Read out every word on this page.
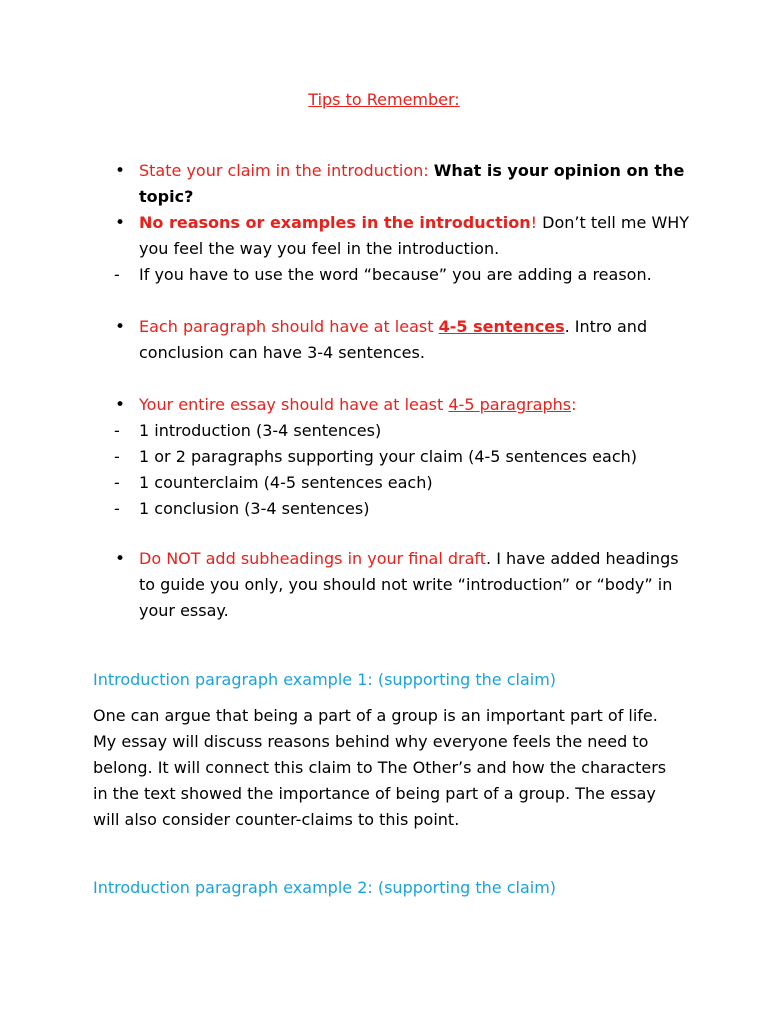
Tips to Remember:
• State your claim in the introduction: What is your opinion on the topic?
• No reasons or examples in the introduction! Don’t tell me WHY you feel the way you feel in the introduction.
- If you have to use the word “because” you are adding a reason.
• Each paragraph should have at least 4-5 sentences. Intro and conclusion can have 3-4 sentences.
• Your entire essay should have at least 4-5 paragraphs:
- 1 introduction (3-4 sentences)
- 1 or 2 paragraphs supporting your claim (4-5 sentences each)
- 1 counterclaim (4-5 sentences each)
- 1 conclusion (3-4 sentences)
• Do NOT add subheadings in your final draft. I have added headings to guide you only, you should not write “introduction” or “body” in your essay.
Introduction paragraph example 1: (supporting the claim)
One can argue that being a part of a group is an important part of life. My essay will discuss reasons behind why everyone feels the need to belong. It will connect this claim to The Other’s and how the characters in the text showed the importance of being part of a group. The essay will also consider counter-claims to this point.
Introduction paragraph example 2: (supporting the claim)
